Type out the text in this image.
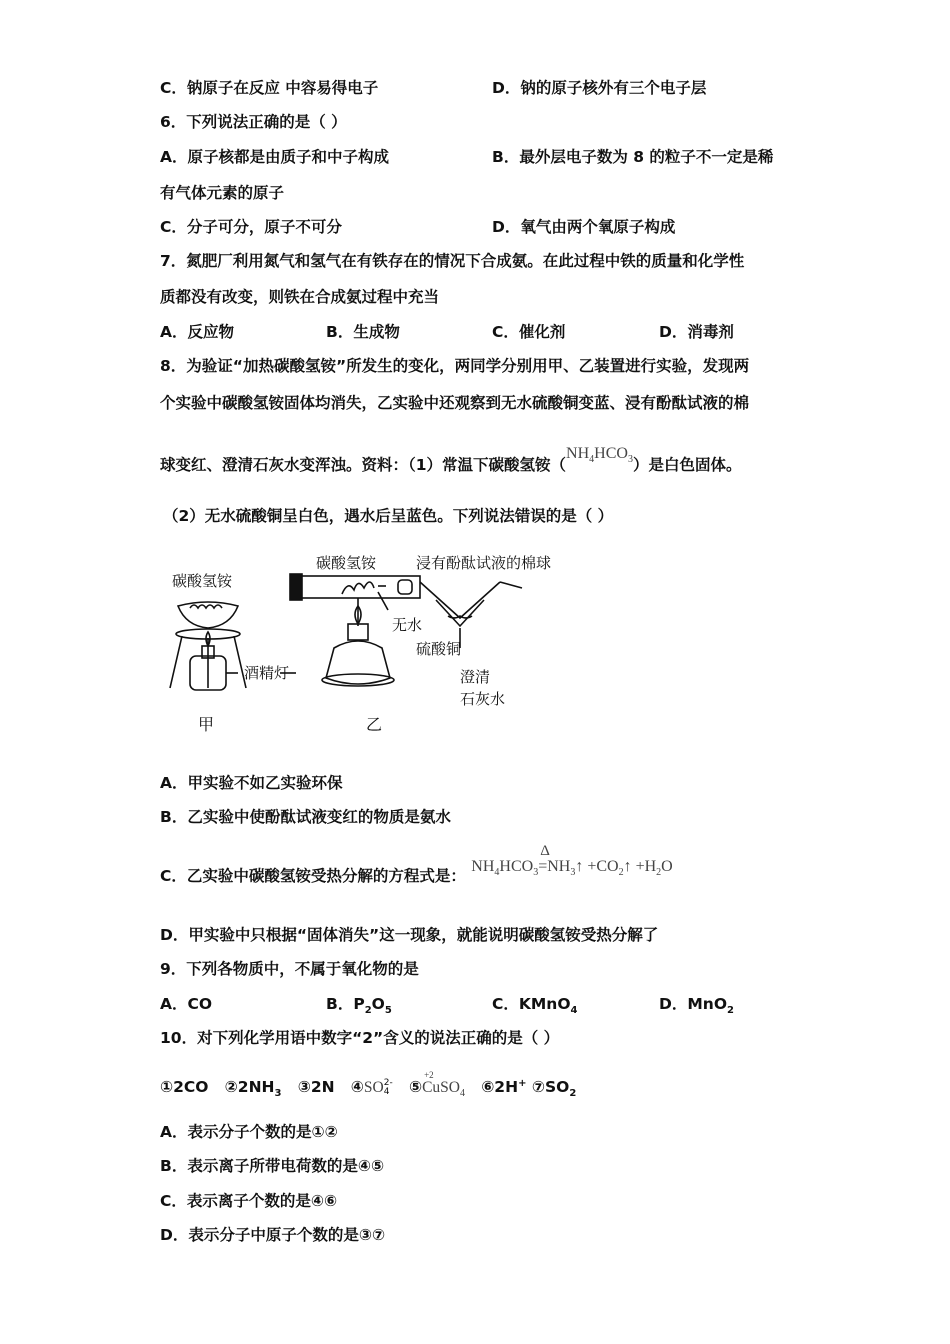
C．钠原子在反应 中容易得电子	D．钠的原子核外有三个电子层
6．下列说法正确的是（ ）
A．原子核都是由质子和中子构成	B．最外层电子数为 8 的粒子不一定是稀
有气体元素的原子
C．分子可分，原子不可分	D．氧气由两个氧原子构成
7．氮肥厂利用氮气和氢气在有铁存在的情况下合成氨。在此过程中铁的质量和化学性
质都没有改变，则铁在合成氨过程中充当
A．反应物	B．生成物	C．催化剂	D．消毒剂
8．为验证“加热碳酸氢铵”所发生的变化，两同学分别用甲、乙装置进行实验，发现两
个实验中碳酸氢铵固体均消失，乙实验中还观察到无水硫酸铜变蓝、浸有酚酞试液的棉
球变红、澄清石灰水变浑浊。资料：（1）常温下碳酸氢铵$(NH_4HCO_3)$是白色固体。
（2）无水硫酸铜呈白色，遇水后呈蓝色。下列说法错误的是（ ）
碳酸氢铵
酒精灯
甲	乙
碳酸氢铵	浸有酚酞试液的棉球
无水
硫酸铜
澄清
石灰水
A．甲实验不如乙实验环保
B．乙实验中使酚酞试液变红的物质是氨水
C．乙实验中碳酸氢铵受热分解的方程式是： $NH_4HCO_3$
Δ
$=NH_3↑$ $+CO_2↑ +H_2O$
D．甲实验中只根据“固体消失”这一现象，就能说明碳酸氢铵受热分解了
9．下列各物质中，不属于氧化物的是
A．CO	B．$P_2O_5$	C．KMnO$_4$	D．MnO$_2$
10．对下列化学用语中数字“2”含义的说法正确的是（ ）
①2CO $②2NH_3$ ③2N ④SO 2-
4 ⑤
+2
CuSO$_4$ ⑥2H+ $⑦SO_2$
A．表示分子个数的是①②
B．表示离子所带电荷数的是④⑤
C．表示离子个数的是④⑥
D．表示分子中原子个数的是③⑦
